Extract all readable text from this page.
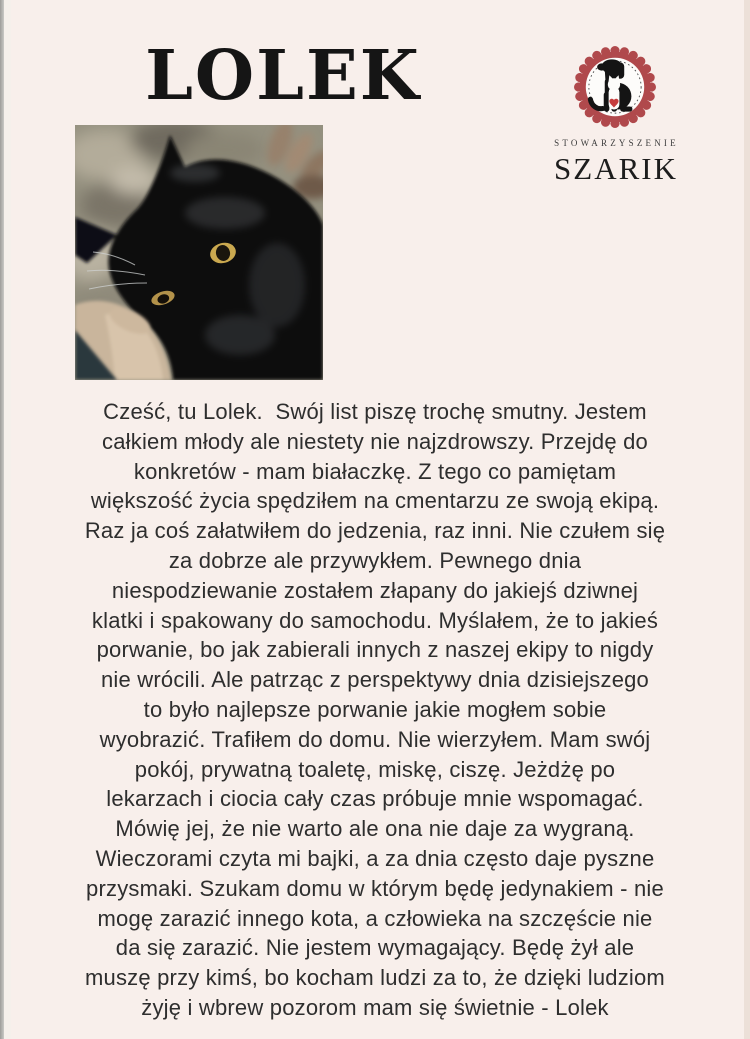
LOLEK
STOWARZYSZENIE
SZARIK
Cześć, tu Lolek.  Swój list piszę trochę smutny. Jestem
całkiem młody ale niestety nie najzdrowszy. Przejdę do
konkretów - mam białaczkę. Z tego co pamiętam
większość życia spędziłem na cmentarzu ze swoją ekipą.
Raz ja coś załatwiłem do jedzenia, raz inni. Nie czułem się
za dobrze ale przywykłem. Pewnego dnia
niespodziewanie zostałem złapany do jakiejś dziwnej
klatki i spakowany do samochodu. Myślałem, że to jakieś
porwanie, bo jak zabierali innych z naszej ekipy to nigdy
nie wrócili. Ale patrząc z perspektywy dnia dzisiejszego
to było najlepsze porwanie jakie mogłem sobie
wyobrazić. Trafiłem do domu. Nie wierzyłem. Mam swój
pokój, prywatną toaletę, miskę, ciszę. Jeżdżę po
lekarzach i ciocia cały czas próbuje mnie wspomagać.
Mówię jej, że nie warto ale ona nie daje za wygraną.
Wieczorami czyta mi bajki, a za dnia często daje pyszne
przysmaki. Szukam domu w którym będę jedynakiem - nie
mogę zarazić innego kota, a człowieka na szczęście nie
da się zarazić. Nie jestem wymagający. Będę żył ale
muszę przy kimś, bo kocham ludzi za to, że dzięki ludziom
żyję i wbrew pozorom mam się świetnie - Lolek
